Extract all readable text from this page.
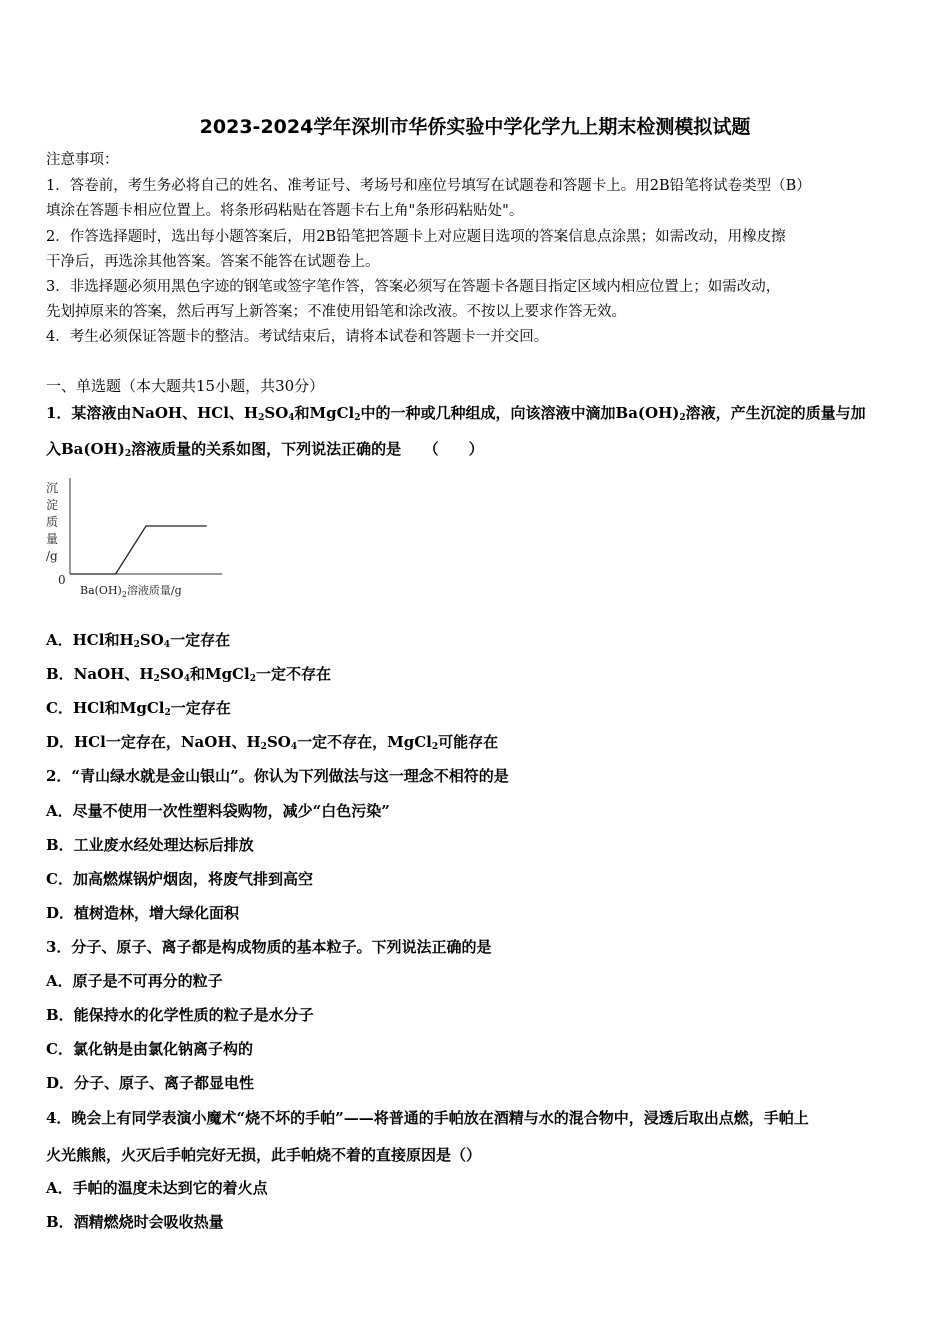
2023-2024学年深圳市华侨实验中学化学九上期末检测模拟试题
注意事项：
1．答卷前，考生务必将自己的姓名、准考证号、考场号和座位号填写在试题卷和答题卡上。用2B铅笔将试卷类型（B）
填涂在答题卡相应位置上。将条形码粘贴在答题卡右上角"条形码粘贴处"。
2．作答选择题时，选出每小题答案后，用2B铅笔把答题卡上对应题目选项的答案信息点涂黑；如需改动，用橡皮擦
干净后，再选涂其他答案。答案不能答在试题卷上。
3．非选择题必须用黑色字迹的钢笔或签字笔作答，答案必须写在答题卡各题目指定区域内相应位置上；如需改动，
先划掉原来的答案，然后再写上新答案；不准使用铅笔和涂改液。不按以上要求作答无效。
4．考生必须保证答题卡的整洁。考试结束后，请将本试卷和答题卡一并交回。
一、单选题（本大题共15小题，共30分）
1．某溶液由NaOH、HCl、$H_2SO_4$和MgCl$_2$中的一种或几种组成，向该溶液中滴加$Ba(OH)_2$溶液，产生沉淀的质量与加
入$Ba(OH)_2$溶液质量的关系如图，下列说法正确的是　　（　　）
沉
淀
质
量
/g
0
$Ba(OH)_2$溶液质量/g
A．HCl和$H_2SO_4$一定存在
B．NaOH、$H_2SO_4$和MgCl$_2$一定不存在
C．HCl和MgCl$_2$一定存在
D．HCl一定存在，NaOH、$H_2SO_4$一定不存在，MgCl$_2$可能存在
2．“青山绿水就是金山银山”。你认为下列做法与这一理念不相符的是
A．尽量不使用一次性塑料袋购物，减少“白色污染”
B．工业废水经处理达标后排放
C．加高燃煤锅炉烟囱，将废气排到高空
D．植树造林，增大绿化面积
3．分子、原子、离子都是构成物质的基本粒子。下列说法正确的是
A．原子是不可再分的粒子
B．能保持水的化学性质的粒子是水分子
C．氯化钠是由氯化钠离子构的
D．分子、原子、离子都显电性
4．晚会上有同学表演小魔术“烧不坏的手帕”——将普通的手帕放在酒精与水的混合物中，浸透后取出点燃，手帕上
火光熊熊，火灭后手帕完好无损，此手帕烧不着的直接原因是（）
A．手帕的温度未达到它的着火点
B．酒精燃烧时会吸收热量
